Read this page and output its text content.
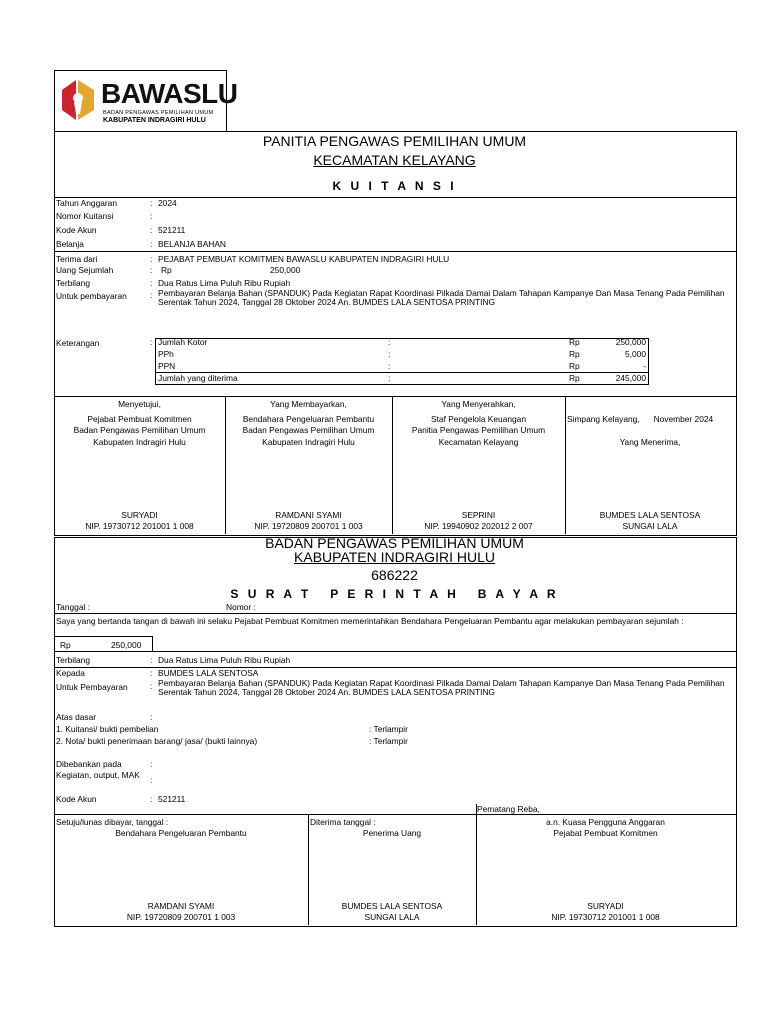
BAWASLU
BADAN PENGAWAS PEMILIHAN UMUM
KABUPATEN INDRAGIRI HULU
PANITIA PENGAWAS PEMILIHAN UMUM
KECAMATAN KELAYANG
K U I T A N S I
Tahun Anggaran	: 2024
Nomor Kuitansi	:
Kode Akun	: 521211
Belanja	: BELANJA BAHAN
Terima dari	: PEJABAT PEMBUAT KOMITMEN BAWASLU KABUPATEN INDRAGIRI HULU
Uang Sejumlah	: Rp	250,000
Terbilang	: Dua Ratus Lima Puluh Ribu Rupiah
Untuk pembayaran	: Pembayaran Belanja Bahan (SPANDUK) Pada Kegiatan Rapat Koordinasi Pilkada Damai Dalam Tahapan Kampanye Dan Masa Tenang Pada Pemilihan Serentak Tahun 2024, Tanggal 28 Oktober 2024 An. BUMDES LALA SENTOSA PRINTING
Keterangan	: Jumlah Kotor	:	Rp	250,000
PPh	:	Rp	5,000
PPN	:	Rp	-
Jumlah yang diterima	:	Rp	245,000
Menyetujui,
Pejabat Pembuat Komitmen
Badan Pengawas Pemilihan Umum
Kabupaten Indragiri Hulu
SURYADI
NIP. 19730712 201001 1 008
Yang Membayarkan,
Bendahara Pengeluaran Pembantu
Badan Pengawas Pemilihan Umum
Kabupaten Indragiri Hulu
RAMDANI SYAMI
NIP. 19720809 200701 1 003
Yang Menyerahkan,
Staf Pengelola Keuangan
Panitia Pengawas Pemilihan Umum
Kecamatan Kelayang
SEPRINI
NIP. 19940902 202012 2 007
Simpang Kelayang,      November 2024
Yang Menerima,
BUMDES LALA SENTOSA
SUNGAI LALA
BADAN PENGAWAS PEMILIHAN UMUM
KABUPATEN INDRAGIRI HULU
686222
S U R A T   P E R I N T A H   B A Y A R
Tanggal :	Nomor :
Saya yang bertanda tangan di bawah ini selaku Pejabat Pembuat Komitmen memerintahkan Bendahara Pengeluaran Pembantu agar melakukan pembayaran sejumlah :
Rp	250,000
Terbilang	: Dua Ratus Lima Puluh Ribu Rupiah
Kepada	: BUMDES LALA SENTOSA
Untuk Pembayaran	: Pembayaran Belanja Bahan (SPANDUK) Pada Kegiatan Rapat Koordinasi Pilkada Damai Dalam Tahapan Kampanye Dan Masa Tenang Pada Pemilihan Serentak Tahun 2024, Tanggal 28 Oktober 2024 An. BUMDES LALA SENTOSA PRINTING
Atas dasar	:
1. Kuitansi/ bukti pembelian	: Terlampir
2. Nota/ bukti penerimaan barang/ jasa/ (bukti lainnya)	: Terlampir
Dibebankan pada	:
Kegiatan, output, MAK	:
Kode Akun	: 521211
Pematang Reba,
Setuju/lunas dibayar, tanggal :
Bendahara Pengeluaran Pembantu
RAMDANI SYAMI
NIP. 19720809 200701 1 003
Diterima tanggal :
Penerima Uang
BUMDES LALA SENTOSA
SUNGAI LALA
a.n. Kuasa Pengguna Anggaran
Pejabat Pembuat Komitmen
SURYADI
NIP. 19730712 201001 1 008
